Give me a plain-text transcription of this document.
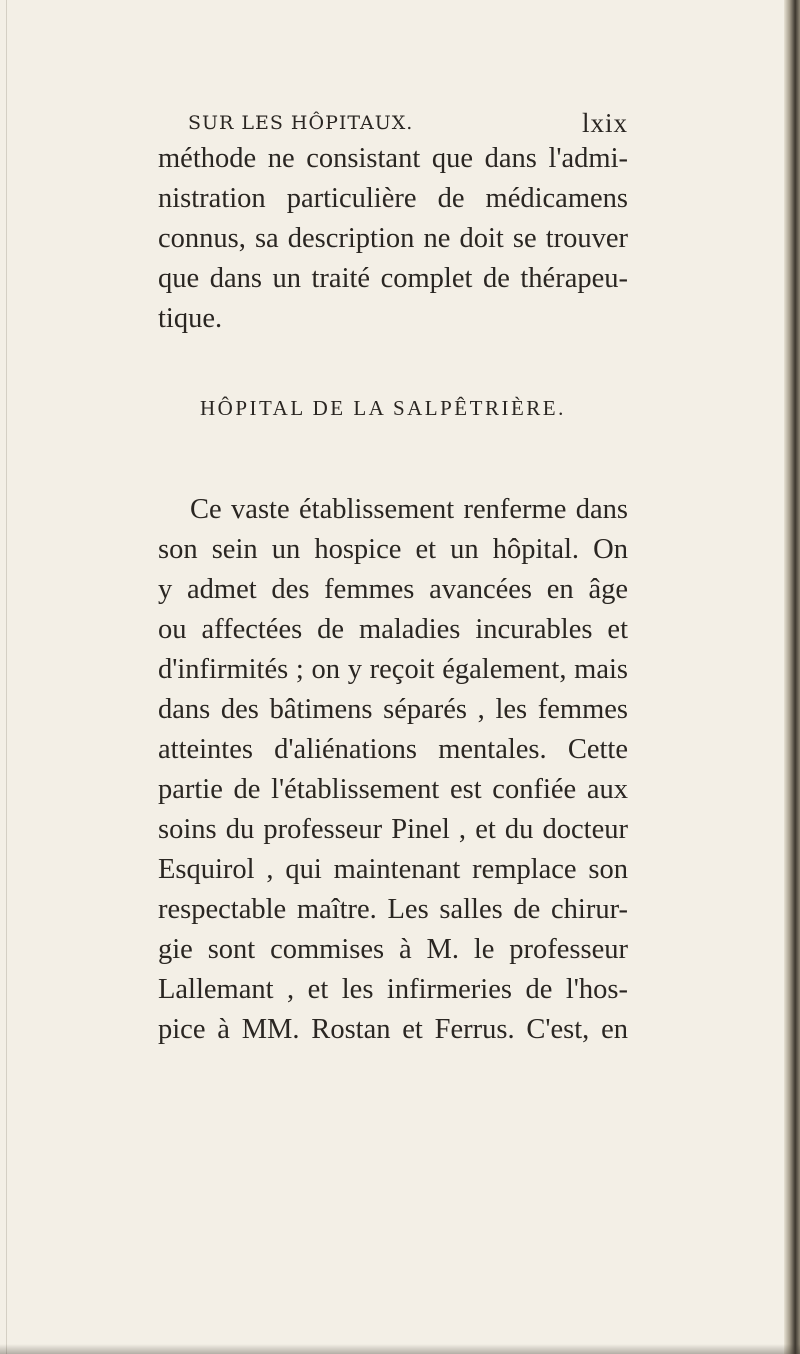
SUR LES HÔPITAUX.	lxix
méthode ne consistant que dans l'admi-
nistration particulière de médicamens
connus, sa description ne doit se trouver
que dans un traité complet de thérapeu-
tique.
HÔPITAL DE LA SALPÊTRIÈRE.
Ce vaste établissement renferme dans
son sein un hospice et un hôpital. On
y admet des femmes avancées en âge
ou affectées de maladies incurables et
d'infirmités ; on y reçoit également, mais
dans des bâtimens séparés , les femmes
atteintes d'aliénations mentales. Cette
partie de l'établissement est confiée aux
soins du professeur Pinel , et du docteur
Esquirol , qui maintenant remplace son
respectable maître. Les salles de chirur-
gie sont commises à M. le professeur
Lallemant , et les infirmeries de l'hos-
pice à MM. Rostan et Ferrus. C'est, en
